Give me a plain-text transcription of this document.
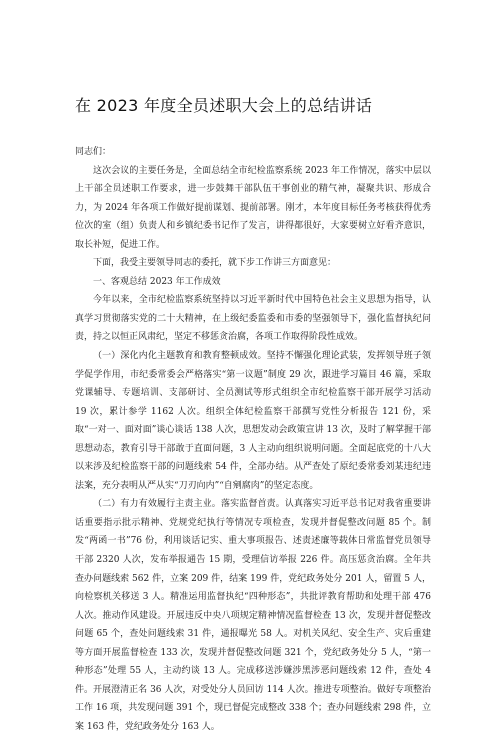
在 2023 年度全员述职大会上的总结讲话

同志们：

这次会议的主要任务是，全面总结全市纪检监察系统 2023 年工作情况，落实中层以上干部全员述职工作要求，进一步鼓舞干部队伍干事创业的精气神，凝聚共识、形成合力，为 2024 年各项工作做好提前谋划、提前部署。刚才，本年度目标任务考核获得优秀位次的室（组）负责人和乡镇纪委书记作了发言，讲得都很好，大家要树立好看齐意识，取长补短，促进工作。

下面，我受主要领导同志的委托，就下步工作讲三方面意见：

一、客观总结 2023 年工作成效

今年以来，全市纪检监察系统坚持以习近平新时代中国特色社会主义思想为指导，认真学习贯彻落实党的二十大精神，在上级纪委监委和市委的坚强领导下，强化监督执纪问责，持之以恒正风肃纪，坚定不移惩贪治腐，各项工作取得阶段性成效。

（一）深化内化主题教育和教育整顿成效。坚持不懈强化理论武装，发挥领导班子领学促学作用，市纪委常委会严格落实“第一议题”制度 29 次，跟进学习篇目 46 篇，采取党课辅导、专题培训、支部研讨、全员测试等形式组织全市纪检监察干部开展学习活动 19 次，累计参学 1162 人次。组织全体纪检监察干部撰写党性分析报告 121 份，采取“一对一、面对面”谈心谈话 138 人次，思想发动会政策宣讲 13 次，及时了解掌握干部思想动态，教育引导干部敢于直面问题，3 人主动向组织说明问题。全面起底党的十八大以来涉及纪检监察干部的问题线索 54 件，全部办结。从严查处了原纪委常委刘某违纪违法案，充分表明从严从实“刀刃向内”“自剜腐肉”的坚定态度。

（二）有力有效履行主责主业。落实监督首责。认真落实习近平总书记对我省重要讲话重要指示批示精神、党规党纪执行等情况专项检查，发现并督促整改问题 85 个。制发“两函一书”76 份，利用谈话记实、重大事项报告、述责述廉等载体日常监督党员领导干部 2320 人次，发布举报通告 15 期，受理信访举报 226 件。高压惩贪治腐。全年共查办问题线索 562 件，立案 209 件，结案 199 件，党纪政务处分 201 人，留置 5 人，向检察机关移送 3 人。精准运用监督执纪“四种形态”，共批评教育帮助和处理干部 476 人次。推动作风建设。开展违反中央八项规定精神情况监督检查 13 次，发现并督促整改问题 65 个，查处问题线索 31 件，通报曝光 58 人。对机关风纪、安全生产、灾后重建等方面开展监督检查 133 次，发现并督促整改问题 321 个，党纪政务处分 5 人，“第一种形态”处理 55 人，主动约谈 13 人。完成移送涉嫌涉黑涉恶问题线索 12 件，查处 4 件。开展澄清正名 36 人次，对受处分人员回访 114 人次。推进专项整治。做好专项整治工作 16 项，共发现问题 391 个，现已督促完成整改 338 个；查办问题线索 298 件，立案 163 件，党纪政务处分 163 人。
